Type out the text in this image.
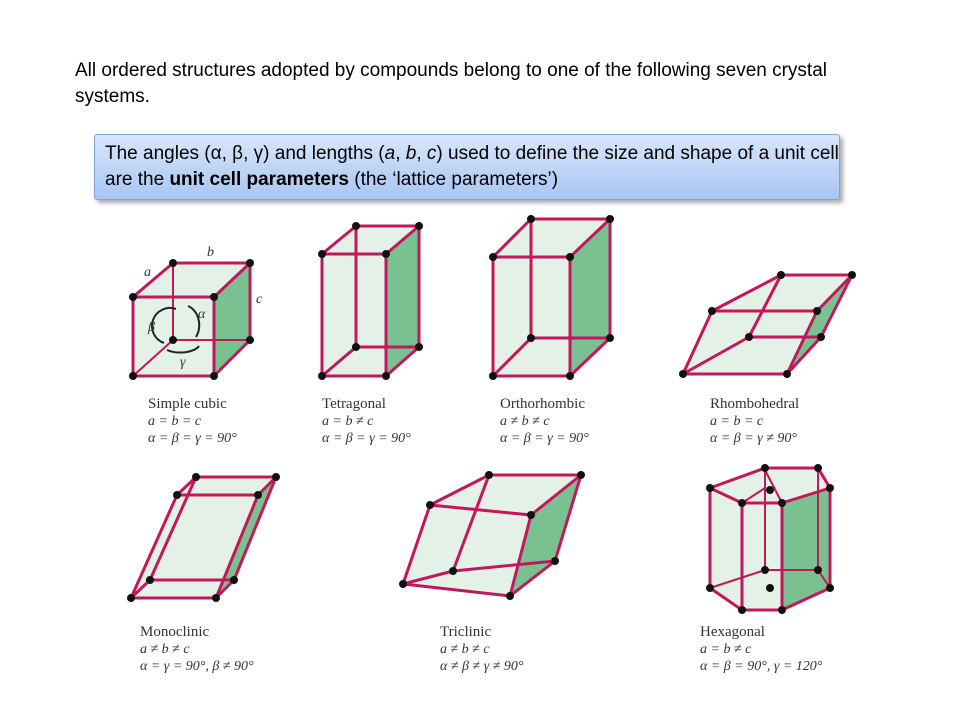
All ordered structures adopted by compounds belong to one of the following seven crystal systems.
The angles (α, β, γ) and lengths (a, b, c) used to define the size and shape of a unit cell are the unit cell parameters (the ‘lattice parameters’)
a
b
c
α
β
γ
Simple cubic
a = b = c
α = β = γ = 90°
Tetragonal
a = b ≠ c
α = β = γ = 90°
Orthorhombic
a ≠ b ≠ c
α = β = γ = 90°
Rhombohedral
a = b = c
α = β = γ ≠ 90°
Monoclinic
a ≠ b ≠ c
α = γ = 90°, β ≠ 90°
Triclinic
a ≠ b ≠ c
α ≠ β ≠ γ ≠ 90°
Hexagonal
a = b ≠ c
α = β = 90°, γ = 120°
